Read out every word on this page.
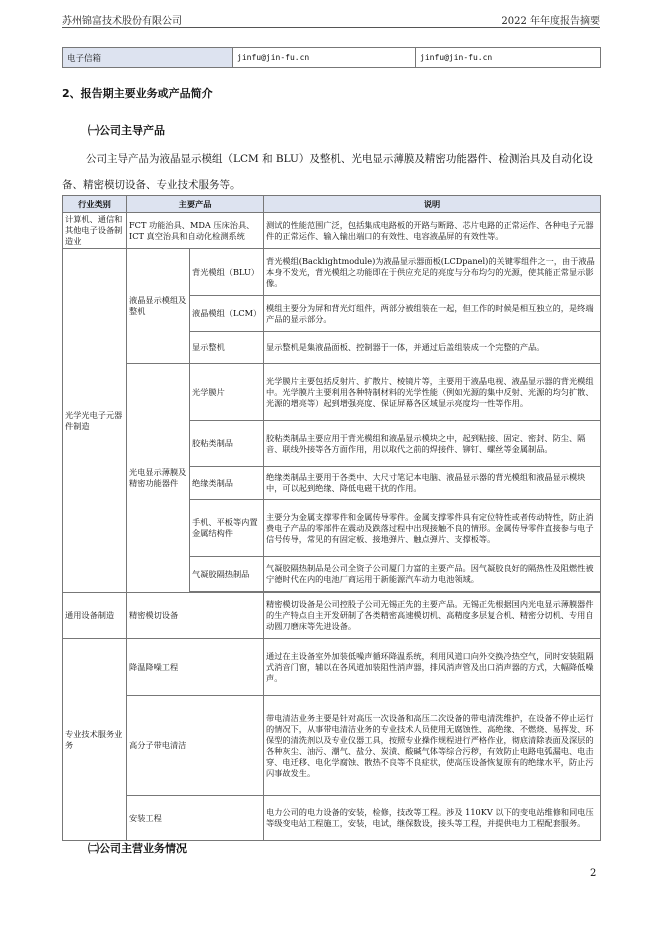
苏州锦富技术股份有限公司	2022 年年度报告摘要
电子信箱	jinfu@jin-fu.cn	jinfu@jin-fu.cn
2、报告期主要业务或产品简介
㈠公司主导产品

公司主导产品为液晶显示模组（LCM 和 BLU）及整机、光电显示薄膜及精密功能器件、检测治具及自动化设备、精密模切设备、专业技术服务等。

行业类别	主要产品		说明
计算机、通信和其他电子设备制造业	FCT 功能治具、MDA 压床治具、ICT 真空治具和自动化检测系统		测试的性能范围广泛，包括集成电路板的开路与断路、芯片电路的正常运作、各种电子元器件的正常运作、输入输出端口的有效性、电容液晶屏的有效性等。
光学光电子元器件制造	液晶显示模组及整机	背光模组（BLU）	背光模组(Backlightmodule)为液晶显示器面板(LCDpanel)的关键零组件之一，由于液晶本身不发光，背光模组之功能即在于供应充足的亮度与分布均匀的光源，使其能正常显示影像。
		液晶模组（LCM）	模组主要分为屏和背光灯组件，两部分被组装在一起，但工作的时候是相互独立的，是终端产品的显示部分。
		显示整机	显示整机是集液晶面板、控制器于一体，并通过后盖组装成一个完整的产品。
	光电显示薄膜及精密功能器件	光学膜片	光学膜片主要包括反射片、扩散片、棱镜片等，主要用于液晶电视、液晶显示器的背光模组中。光学膜片主要利用各种特制材料的光学性能（例如光源的集中反射、光源的均匀扩散、光源的增亮等）起到增强亮度、保证屏幕各区域显示亮度均一性等作用。
		胶粘类制品	胶粘类制品主要应用于背光模组和液晶显示模块之中，起到粘接、固定、密封、防尘、隔音、联线外接等各方面作用，用以取代之前的焊接件、铆钉、螺丝等金属制品。
		绝缘类制品	绝缘类制品主要用于各类中、大尺寸笔记本电脑、液晶显示器的背光模组和液晶显示模块中，可以起到绝缘、降低电磁干扰的作用。
		手机、平板等内置金属结构件	主要分为金属支撑零件和金属传导零件。金属支撑零件具有定位特性或者传动特性，防止消费电子产品的零部件在震动及跌落过程中出现接触不良的情形。金属传导零件直接参与电子信号传导，常见的有固定板、接地弹片、触点弹片、支撑板等。
		气凝胶隔热制品	气凝胶隔热制品是公司全资子公司厦门力富的主要产品。因气凝胶良好的隔热性及阻燃性被宁德时代在内的电池厂商运用于新能源汽车动力电池领域。

通用设备制造	精密模切设备		精密模切设备是公司控股子公司无锡正先的主要产品。无锡正先根据国内光电显示薄膜器件的生产特点自主开发研制了各类精密高速模切机、高精度多层复合机、精密分切机、专用自动圆刀磨床等先进设备。
专业技术服务业务	降温降噪工程		通过在主设备室外加装低噪声循环降温系统，利用风道口向外交换冷热空气，同时安装阻隔式消音门窗，辅以在各风道加装阻性消声器，排风消声管及出口消声器的方式，大幅降低噪声。
	高分子带电清洁		带电清洁业务主要是针对高压一次设备和高压二次设备的带电清洗维护，在设备不停止运行的情况下，从事带电清洁业务的专业技术人员使用无腐蚀性、高绝缘、不燃烧、易挥发、环保型的清洗剂以及专业仪器工具，按照专业操作规程进行严格作业，彻底清除表面及深层的各种灰尘、油污、潮气、盐分、炭渍、酸碱气体等综合污秽，有效防止电路电弧漏电、电击穿、电迁移、电化学腐蚀、散热不良等不良症状，使高压设备恢复原有的绝缘水平，防止污闪事故发生。
	安装工程		电力公司的电力设备的安装，检修，技改等工程。涉及 110KV 以下的变电站维修和同电压等级变电站工程施工，安装，电试，继保数设，接头等工程，并提供电力工程配套服务。
㈡公司主营业务情况
2
